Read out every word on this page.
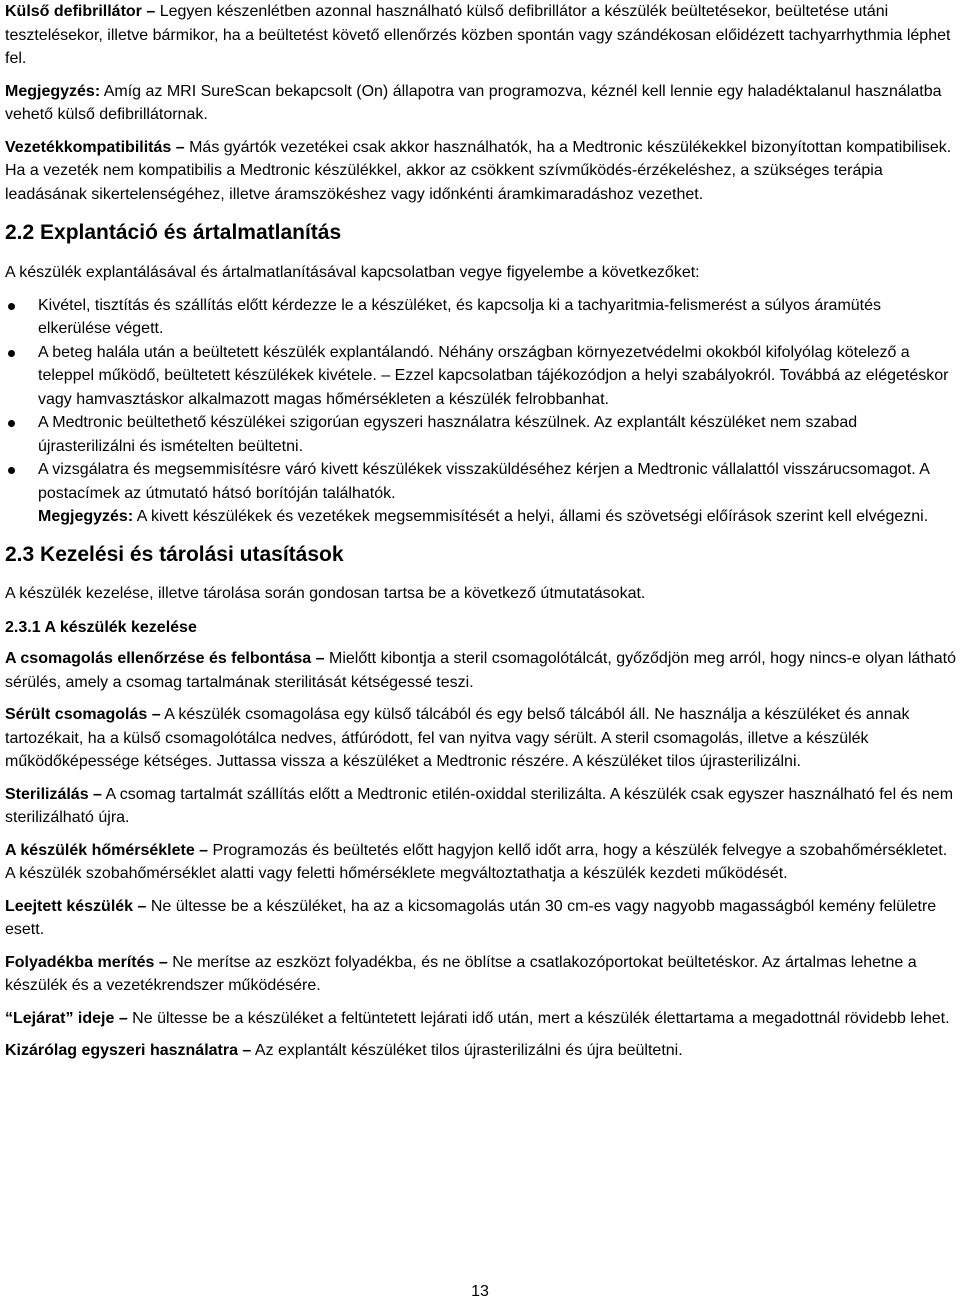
Külső defibrillátor – Legyen készenlétben azonnal használható külső defibrillátor a készülék beültetésekor, beültetése utáni tesztelésekor, illetve bármikor, ha a beültetést követő ellenőrzés közben spontán vagy szándékosan előidézett tachyarrhythmia léphet fel.

Megjegyzés: Amíg az MRI SureScan bekapcsolt (On) állapotra van programozva, kéznél kell lennie egy haladéktalanul használatba vehető külső defibrillátornak.

Vezetékkompatibilitás – Más gyártók vezetékei csak akkor használhatók, ha a Medtronic készülékekkel bizonyítottan kompatibilisek. Ha a vezeték nem kompatibilis a Medtronic készülékkel, akkor az csökkent szívműködés-érzékeléshez, a szükséges terápia leadásának sikertelenségéhez, illetve áramszökéshez vagy időnkénti áramkimaradáshoz vezethet.

2.2 Explantáció és ártalmatlanítás

A készülék explantálásával és ártalmatlanításával kapcsolatban vegye figyelembe a következőket:

Kivétel, tisztítás és szállítás előtt kérdezze le a készüléket, és kapcsolja ki a tachyaritmia-felismerést a súlyos áramütés elkerülése végett.
A beteg halála után a beültetett készülék explantálandó. Néhány országban környezetvédelmi okokból kifolyólag kötelező a teleppel működő, beültetett készülékek kivétele. – Ezzel kapcsolatban tájékozódjon a helyi szabályokról. Továbbá az elégetéskor vagy hamvasztáskor alkalmazott magas hőmérsékleten a készülék felrobbanhat.
A Medtronic beültethető készülékei szigorúan egyszeri használatra készülnek. Az explantált készüléket nem szabad újrasterilizálni és ismételten beültetni.
A vizsgálatra és megsemmisítésre váró kivett készülékek visszaküldéséhez kérjen a Medtronic vállalattól visszárucsomagot. A postacímek az útmutató hátsó borítóján találhatók.
Megjegyzés: A kivett készülékek és vezetékek megsemmisítését a helyi, állami és szövetségi előírások szerint kell elvégezni.
2.3 Kezelési és tárolási utasítások

A készülék kezelése, illetve tárolása során gondosan tartsa be a következő útmutatásokat.

2.3.1 A készülék kezelése

A csomagolás ellenőrzése és felbontása – Mielőtt kibontja a steril csomagolótálcát, győződjön meg arról, hogy nincs-e olyan látható sérülés, amely a csomag tartalmának sterilitását kétségessé teszi.

Sérült csomagolás – A készülék csomagolása egy külső tálcából és egy belső tálcából áll. Ne használja a készüléket és annak tartozékait, ha a külső csomagolótálca nedves, átfúródott, fel van nyitva vagy sérült. A steril csomagolás, illetve a készülék működőképessége kétséges. Juttassa vissza a készüléket a Medtronic részére. A készüléket tilos újrasterilizálni.

Sterilizálás – A csomag tartalmát szállítás előtt a Medtronic etilén-oxiddal sterilizálta. A készülék csak egyszer használható fel és nem sterilizálható újra.

A készülék hőmérséklete – Programozás és beültetés előtt hagyjon kellő időt arra, hogy a készülék felvegye a szobahőmérsékletet. A készülék szobahőmérséklet alatti vagy feletti hőmérséklete megváltoztathatja a készülék kezdeti működését.

Leejtett készülék – Ne ültesse be a készüléket, ha az a kicsomagolás után 30 cm-es vagy nagyobb magasságból kemény felületre esett.

Folyadékba merítés – Ne merítse az eszközt folyadékba, és ne öblítse a csatlakozóportokat beültetéskor. Az ártalmas lehetne a készülék és a vezetékrendszer működésére.

“Lejárat” ideje – Ne ültesse be a készüléket a feltüntetett lejárati idő után, mert a készülék élettartama a megadottnál rövidebb lehet.

Kizárólag egyszeri használatra – Az explantált készüléket tilos újrasterilizálni és újra beültetni.

13
